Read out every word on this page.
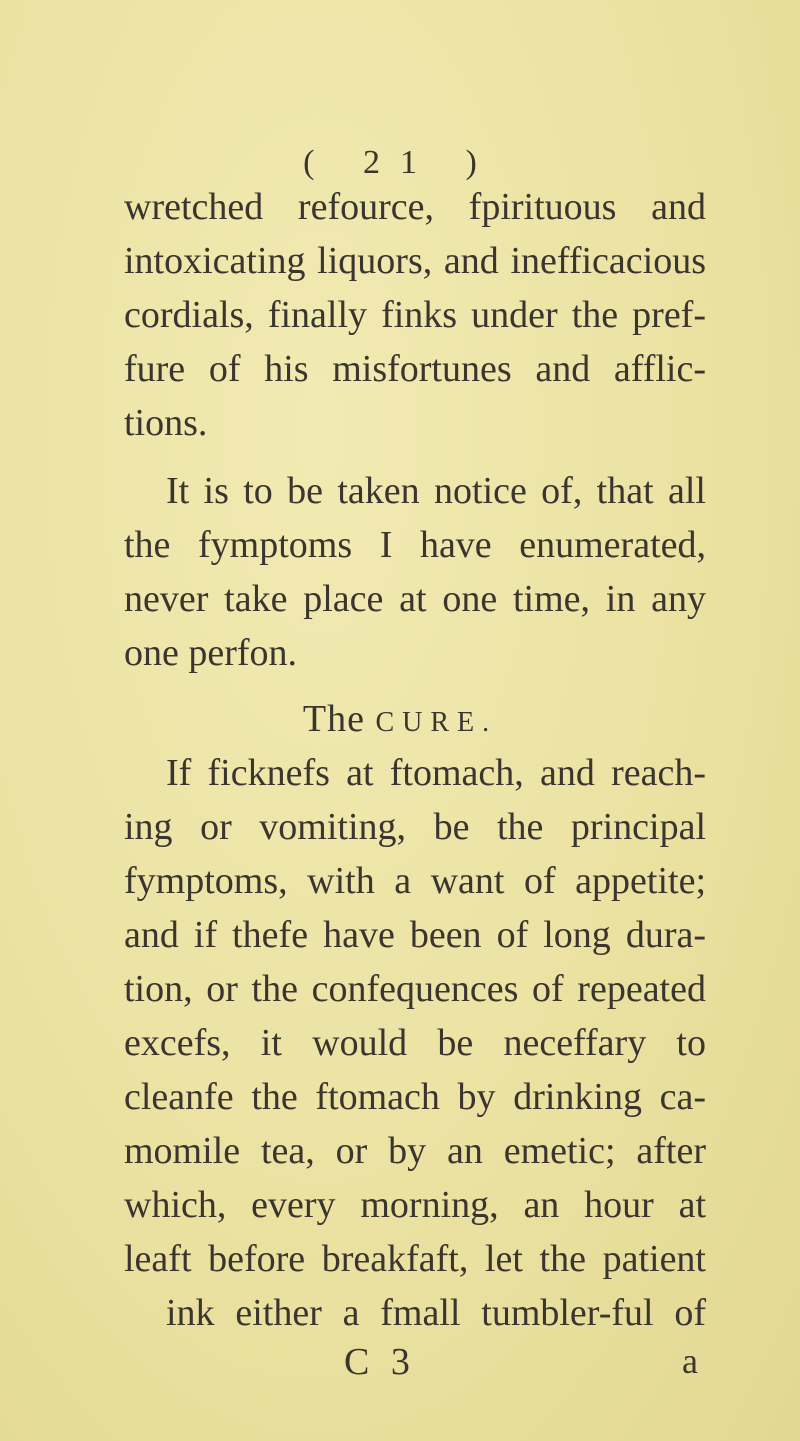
( 21 )
wretched refource, fpirituous and
intoxicating liquors, and inefficacious
cordials, finally finks under the pref-
fure of his misfortunes and afflic-
tions.
It is to be taken notice of, that all
the fymptoms I have enumerated,
never take place at one time, in any
one perfon.
The CURE.
If ficknefs at ftomach, and reach-
ing or vomiting, be the principal
fymptoms, with a want of appetite;
and if thefe have been of long dura-
tion, or the confequences of repeated
excefs, it would be neceffary to
cleanfe the ftomach by drinking ca-
momile tea, or by an emetic; after
which, every morning, an hour at
leaft before breakfaft, let the patient
ink either a fmall tumbler-ful of
C 3	a
